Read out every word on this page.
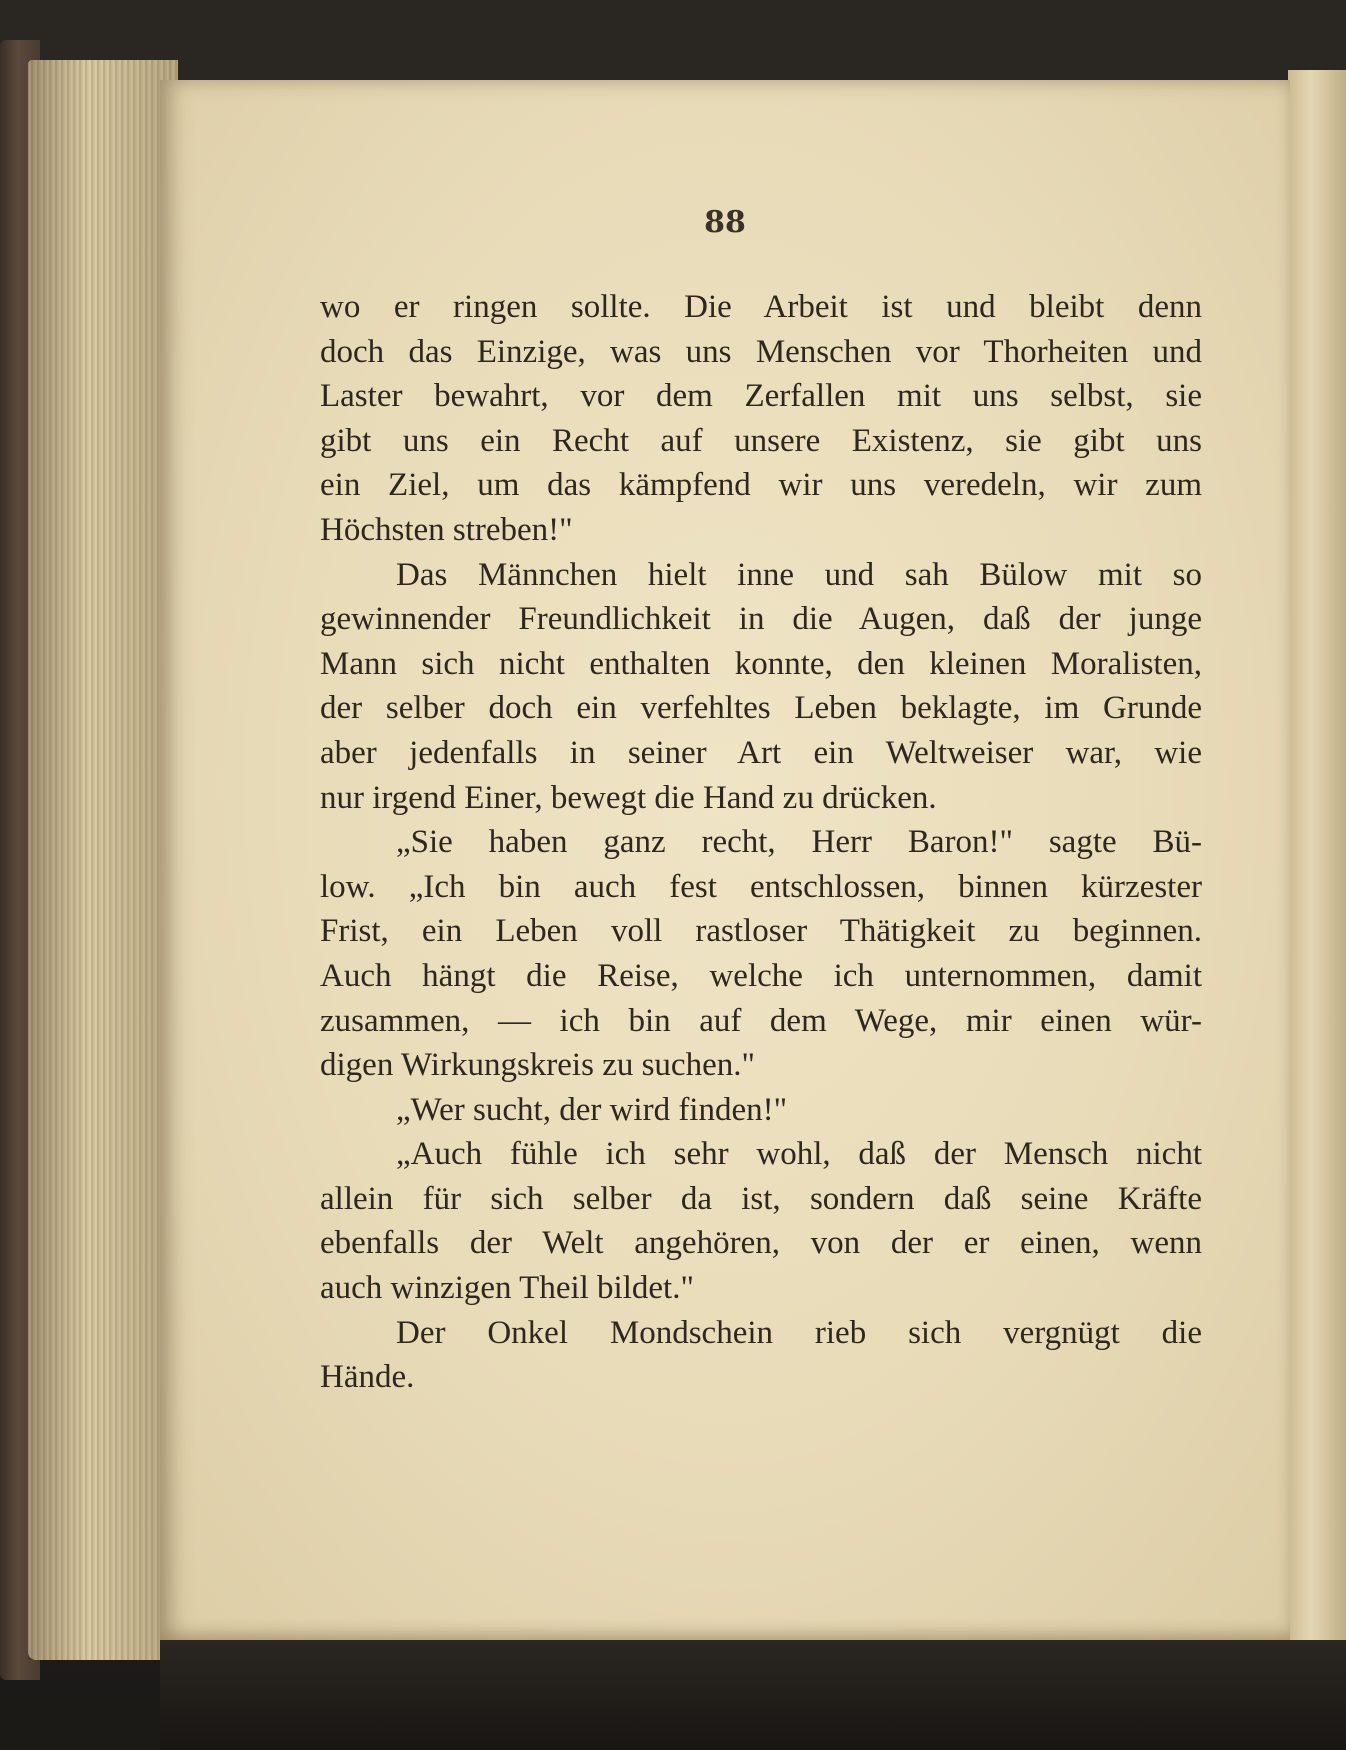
88
wo er ringen sollte. Die Arbeit ist und bleibt denn
doch das Einzige, was uns Menschen vor Thorheiten und
Laster bewahrt, vor dem Zerfallen mit uns selbst, sie
gibt uns ein Recht auf unsere Existenz, sie gibt uns
ein Ziel, um das kämpfend wir uns veredeln, wir zum
Höchsten streben!"
Das Männchen hielt inne und sah Bülow mit so
gewinnender Freundlichkeit in die Augen, daß der junge
Mann sich nicht enthalten konnte, den kleinen Moralisten,
der selber doch ein verfehltes Leben beklagte, im Grunde
aber jedenfalls in seiner Art ein Weltweiser war, wie
nur irgend Einer, bewegt die Hand zu drücken.
„Sie haben ganz recht, Herr Baron!" sagte Bü-
low. „Ich bin auch fest entschlossen, binnen kürzester
Frist, ein Leben voll rastloser Thätigkeit zu beginnen.
Auch hängt die Reise, welche ich unternommen, damit
zusammen, — ich bin auf dem Wege, mir einen wür-
digen Wirkungskreis zu suchen."
„Wer sucht, der wird finden!"
„Auch fühle ich sehr wohl, daß der Mensch nicht
allein für sich selber da ist, sondern daß seine Kräfte
ebenfalls der Welt angehören, von der er einen, wenn
auch winzigen Theil bildet."
Der Onkel Mondschein rieb sich vergnügt die
Hände.
